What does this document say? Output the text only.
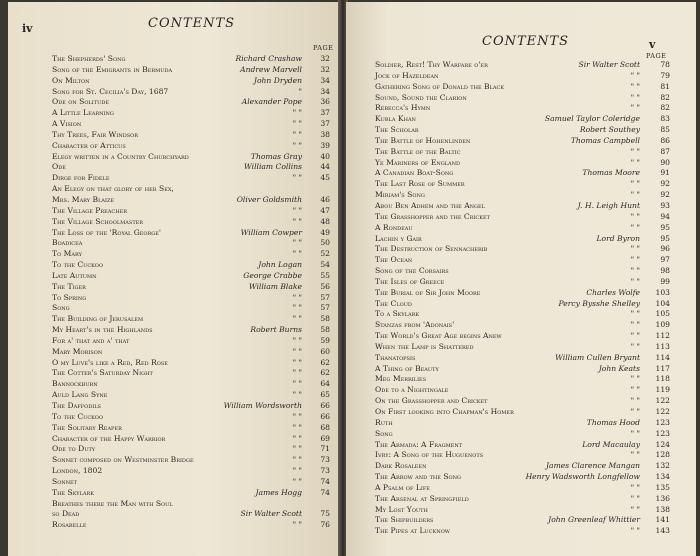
iv	CONTENTS
PAGE
The Shepherds' Song	Richard Crashaw	32
Song of the Emigrants in Bermuda	Andrew Marvell	32
On Milton	John Dryden	34
Song for St. Cecilia's Day, 1687	"	34
Ode on Solitude	Alexander Pope	36
A Little Learning	" "	37
A Vision	" "	37
Thy Trees, Fair Windsor	" "	38
Character of Atticus	" "	39
Elegy written in a Country Churchyard	Thomas Gray	40
Ode	William Collins	44
Dirge for Fidele	" "	45
An Elegy on that glory of her Sex,
Mrs. Mary Blaize	Oliver Goldsmith	46
The Village Preacher	" "	47
The Village Schoolmaster	" "	48
The Loss of the 'Royal George'	William Cowper	49
Boadicea	" "	50
To Mary	" "	52
To the Cuckoo	John Logan	54
Late Autumn	George Crabbe	55
The Tiger	William Blake	56
To Spring	" "	57
Song	" "	57
The Building of Jerusalem	" "	58
My Heart's in the Highlands	Robert Burns	58
For a' that and a' that	" "	59
Mary Morison	" "	60
O my Luve's like a Red, Red Rose	" "	62
The Cotter's Saturday Night	" "	62
Bannockburn	" "	64
Auld Lang Syne	" "	65
The Daffodils	William Wordsworth	66
To the Cuckoo	" "	66
The Solitary Reaper	" "	68
Character of the Happy Warrior	" "	69
Ode to Duty	" "	71
Sonnet composed on Westminster Bridge	" "	73
London, 1802	" "	73
Sonnet	" "	74
The Skylark	James Hogg	74
Breathes there the Man with Soul
so Dead	Sir Walter Scott	75
Rosabelle	" "	76
CONTENTS	v
PAGE
Soldier, Rest! Thy Warfare o'er	Sir Walter Scott	78
Jock of Hazeldean	" "	79
Gathering Song of Donald the Black	" "	81
Sound, Sound the Clarion	" "	82
Rebecca's Hymn	" "	82
Kubla Khan	Samuel Taylor Coleridge	83
The Scholar	Robert Southey	85
The Battle of Hohenlinden	Thomas Campbell	86
The Battle of the Baltic	" "	87
Ye Mariners of England	" "	90
A Canadian Boat-Song	Thomas Moore	91
The Last Rose of Summer	" "	92
Miriam's Song	" "	92
Abou Ben Adhem and the Angel	J. H. Leigh Hunt	93
The Grasshopper and the Cricket	" "	94
A Rondeau	" "	95
Lachin y Gair	Lord Byron	95
The Destruction of Sennacherib	" "	96
The Ocean	" "	97
Song of the Corsairs	" "	98
The Isles of Greece	" "	99
The Burial of Sir John Moore	Charles Wolfe	103
The Cloud	Percy Bysshe Shelley	104
To a Skylark	" "	105
Stanzas from 'Adonais'	" "	109
The World's Great Age begins Anew	" "	112
When the Lamp is Shattered	" "	113
Thanatopsis	William Cullen Bryant	114
A Thing of Beauty	John Keats	117
Meg Merrilies	" "	118
Ode to a Nightingale	" "	119
On the Grasshopper and Cricket	" "	122
On First looking into Chapman's Homer	" "	122
Ruth	Thomas Hood	123
Song	" "	123
The Armada: A Fragment	Lord Macaulay	124
Ivry: A Song of the Huguenots	" "	128
Dark Rosaleen	James Clarence Mangan	132
The Arrow and the Song	Henry Wadsworth Longfellow	134
A Psalm of Life	" "	135
The Arsenal at Springfield	" "	136
My Lost Youth	" "	138
The Shipbuilders	John Greenleaf Whittier	141
The Pipes at Lucknow	" "	143
